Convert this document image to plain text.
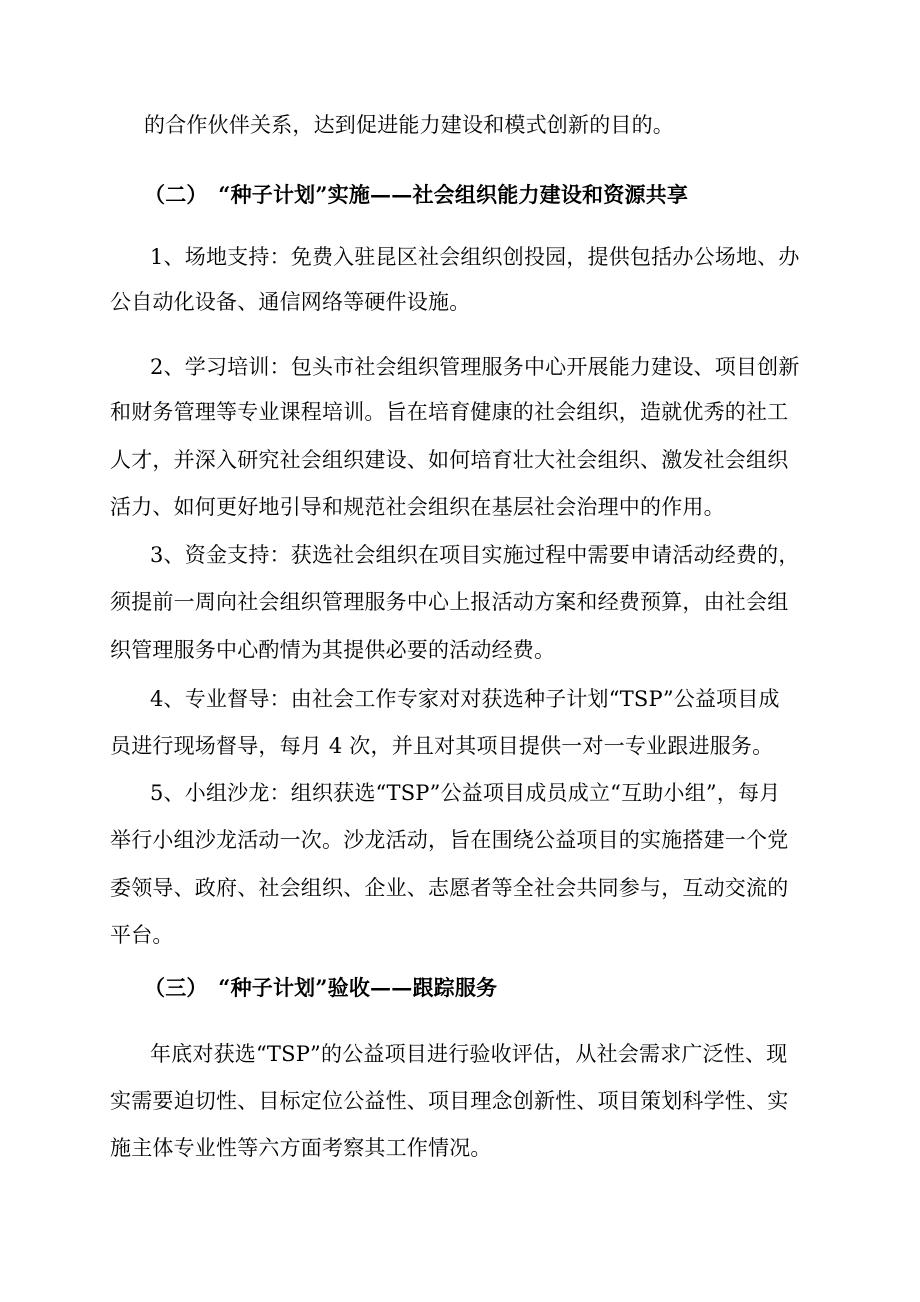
的合作伙伴关系，达到促进能力建设和模式创新的目的。

（二）　“种子计划”实施——社会组织能力建设和资源共享

1、场地支持：免费入驻昆区社会组织创投园，提供包括办公场地、办

公自动化设备、通信网络等硬件设施。

2、学习培训：包头市社会组织管理服务中心开展能力建设、项目创新

和财务管理等专业课程培训。旨在培育健康的社会组织，造就优秀的社工

人才，并深入研究社会组织建设、如何培育壮大社会组织、激发社会组织

活力、如何更好地引导和规范社会组织在基层社会治理中的作用。

3、资金支持：获选社会组织在项目实施过程中需要申请活动经费的，

须提前一周向社会组织管理服务中心上报活动方案和经费预算，由社会组

织管理服务中心酌情为其提供必要的活动经费。

4、专业督导：由社会工作专家对对获选种子计划“TSP”公益项目成

员进行现场督导，每月 4 次，并且对其项目提供一对一专业跟进服务。

5、小组沙龙：组织获选“TSP”公益项目成员成立“互助小组”，每月

举行小组沙龙活动一次。沙龙活动，旨在围绕公益项目的实施搭建一个党

委领导、政府、社会组织、企业、志愿者等全社会共同参与，互动交流的

平台。

（三）　“种子计划”验收——跟踪服务

年底对获选“TSP”的公益项目进行验收评估，从社会需求广泛性、现

实需要迫切性、目标定位公益性、项目理念创新性、项目策划科学性、实

施主体专业性等六方面考察其工作情况。
